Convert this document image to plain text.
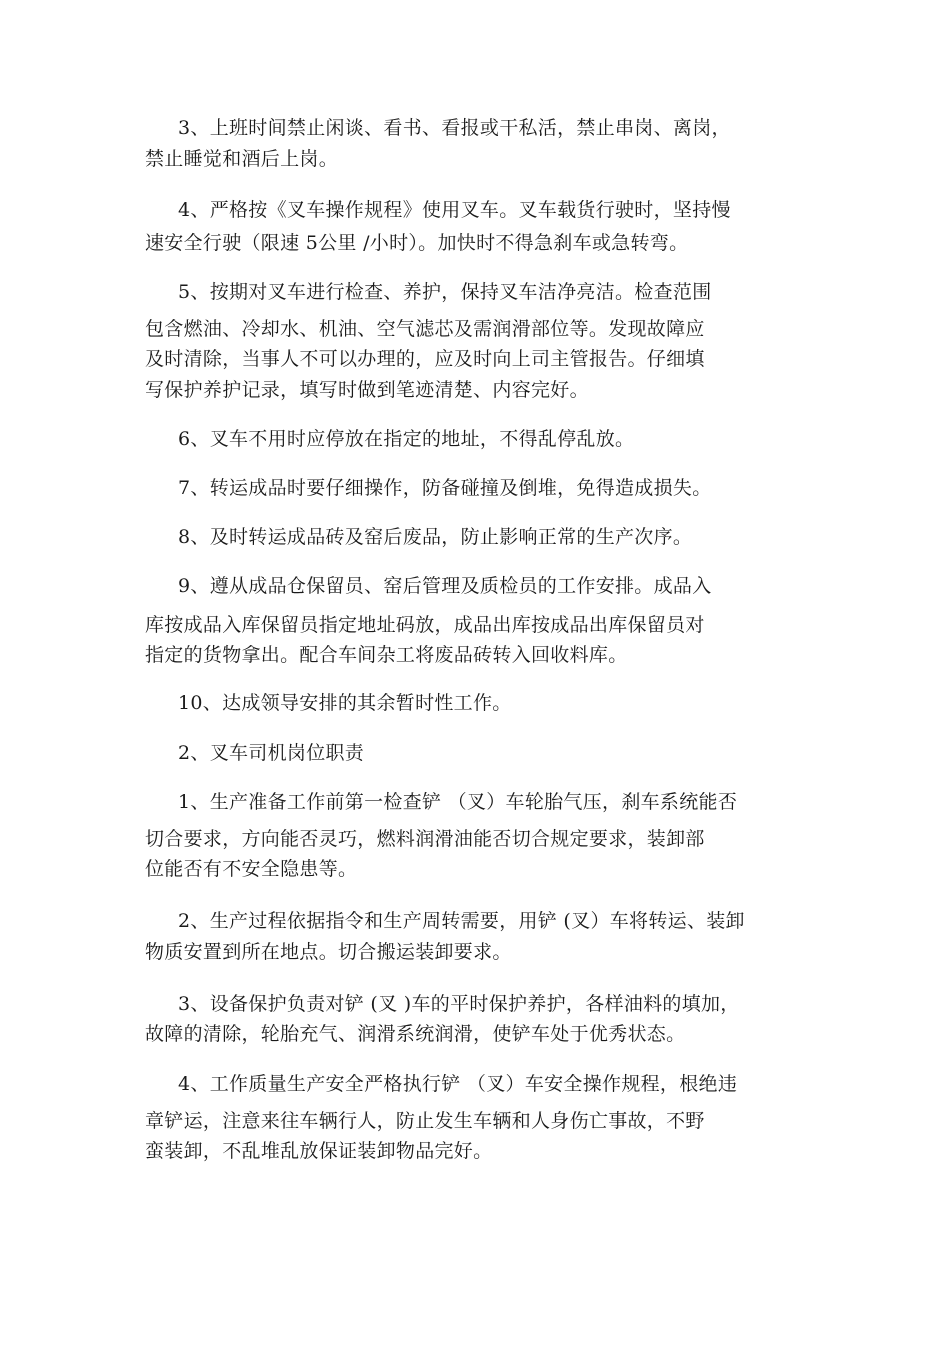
3、上班时间禁止闲谈、看书、看报或干私活，禁止串岗、离岗，
禁止睡觉和酒后上岗。
4、严格按《叉车操作规程》使用叉车。叉车载货行驶时，坚持慢
速安全行驶（限速 5公里 /小时）。加快时不得急刹车或急转弯。
5、按期对叉车进行检查、养护，保持叉车洁净亮洁。检查范围
包含燃油、冷却水、机油、空气滤芯及需润滑部位等。发现故障应
及时清除，当事人不可以办理的，应及时向上司主管报告。仔细填
写保护养护记录，填写时做到笔迹清楚、内容完好。
6、叉车不用时应停放在指定的地址，不得乱停乱放。
7、转运成品时要仔细操作，防备碰撞及倒堆，免得造成损失。
8、及时转运成品砖及窑后废品，防止影响正常的生产次序。
9、遵从成品仓保留员、窑后管理及质检员的工作安排。成品入
库按成品入库保留员指定地址码放，成品出库按成品出库保留员对
指定的货物拿出。配合车间杂工将废品砖转入回收料库。
10、达成领导安排的其余暂时性工作。
2、叉车司机岗位职责
1、生产准备工作前第一检查铲 （叉）车轮胎气压，刹车系统能否
切合要求，方向能否灵巧，燃料润滑油能否切合规定要求，装卸部
位能否有不安全隐患等。
2、生产过程依据指令和生产周转需要，用铲 (叉）车将转运、装卸
物质安置到所在地点。切合搬运装卸要求。
3、设备保护负责对铲 (叉 )车的平时保护养护，各样油料的填加，
故障的清除，轮胎充气、润滑系统润滑，使铲车处于优秀状态。
4、工作质量生产安全严格执行铲 （叉）车安全操作规程，根绝违
章铲运，注意来往车辆行人，防止发生车辆和人身伤亡事故，不野
蛮装卸，不乱堆乱放保证装卸物品完好。
